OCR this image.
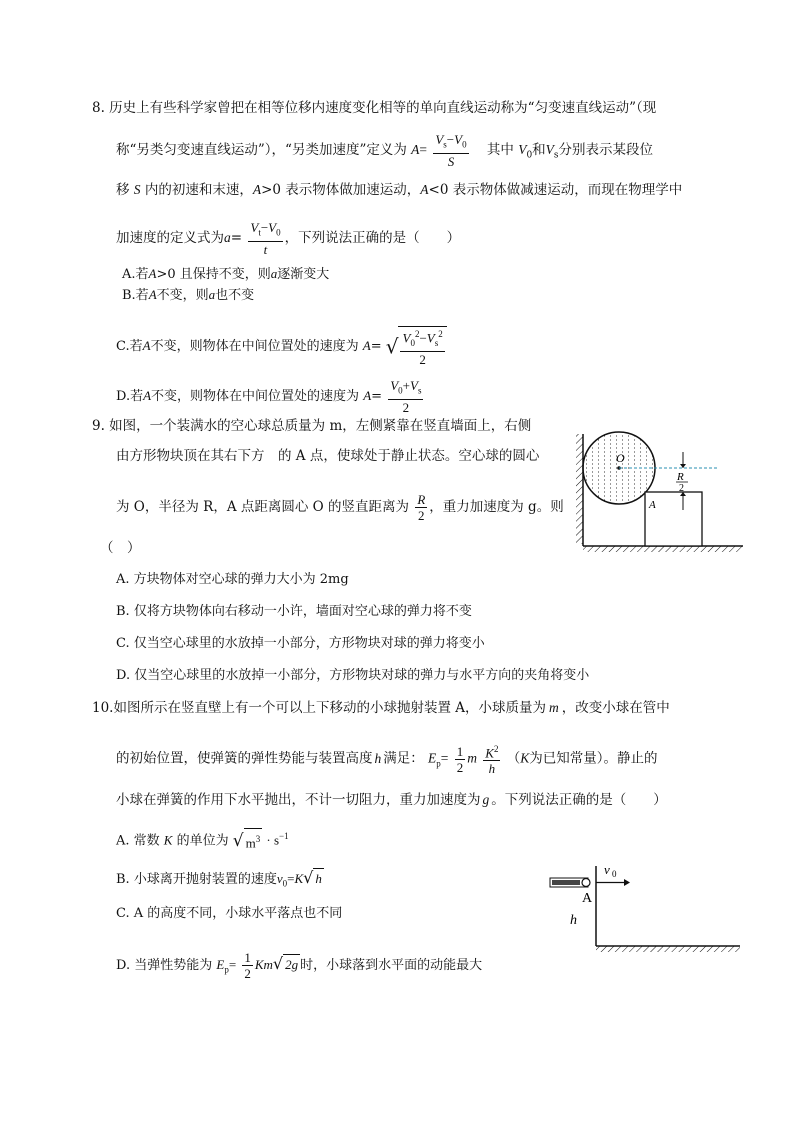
8. 历史上有些科学家曾把在相等位移内速度变化相等的单向直线运动称为“匀变速直线运动”（现
称“另类匀变速直线运动”），“另类加速度”定义为 $A= \frac{V_s-V_0}{S}$ 其中 $V_0$和$V_s$分别表示某段位
移 S 内的初速和末速，A>0 表示物体做加速运动，A<0 表示物体做减速运动，而现在物理学中
加速度的定义式为$a= \frac{V_t-V_0}{t}$ ，下列说法正确的是（　　）
A.若A>0 且保持不变，则a逐渐变大
B.若A不变，则a也不变
C.若A不变，则物体在中间位置处的速度为 A= √ $\frac{V_0^2-V_s^2}{2}$
D.若A不变，则物体在中间位置处的速度为 $A= \frac{V_0+V_s}{2}$
9. 如图，一个装满水的空心球总质量为 m，左侧紧靠在竖直墙面上，右侧
由方形物块顶在其右下方　的 A 点，使球处于静止状态。空心球的圆心
为 O，半径为 R，A 点距离圆心 O 的竖直距离为 $\frac{R}{2}$ ，重力加速度为 g。则
（　）
A. 方块物体对空心球的弹力大小为 2mg
B. 仅将方块物体向右移动一小许，墙面对空心球的弹力将不变
C. 仅当空心球里的水放掉一小部分，方形物块对球的弹力将变小
D. 仅当空心球里的水放掉一小部分，方形物块对球的弹力与水平方向的夹角将变小
O
A
R
2
10.如图所示在竖直壁上有一个可以上下移动的小球抛射装置 A，小球质量为 m ，改变小球在管中
的初始位置，使弹簧的弹性势能与装置高度 h 满足： $E_p= \frac{1}{2}$ m $\frac{K^2}{h} (K$为已知常量）。静止的
小球在弹簧的作用下水平抛出，不计一切阻力，重力加速度为 g 。下列说法正确的是（　　）
A. 常数 K 的单位为 √ $m^3 \cdot s^{-1}$
B. 小球离开抛射装置的速度$v_0=K√$ h
C. A 的高度不同，小球水平落点也不同
D. 当弹性势能为 $E_p= \frac{1}{2} Km√$ 2g 时，小球落到水平面的动能最大
v 0
A
h
